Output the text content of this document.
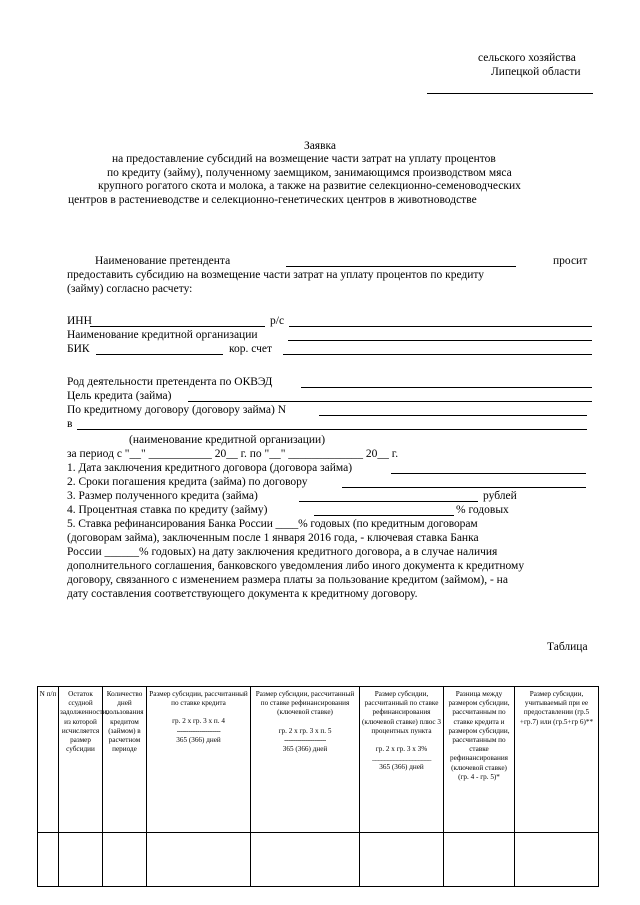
сельского хозяйства
Липецкой области
Заявка
на предоставление субсидий на возмещение части затрат на уплату процентов
по кредиту (займу), полученному заемщиком, занимающимся производством мяса
крупного рогатого скота и молока, а также на развитие селекционно-семеноводческих
центров в растениеводстве и селекционно-генетических центров в животноводстве
Наименование претендента	просит
предоставить субсидию на возмещение части затрат на уплату процентов по кредиту
(займу) согласно расчету:
ИНН	р/с
Наименование кредитной организации
БИК	кор. счет
Род деятельности претендента по ОКВЭД
Цель кредита (займа)
По кредитному договору (договору займа) N
в
(наименование кредитной организации)
за период с "__" ___________ 20__ г. по "__" _____________ 20__ г.
1. Дата заключения кредитного договора (договора займа)
2. Сроки погашения кредита (займа) по договору
3. Размер полученного кредита (займа)	рублей
4. Процентная ставка по кредиту (займу)	% годовых
5. Ставка рефинансирования Банка России ____% годовых (по кредитным договорам
(договорам займа), заключенным после 1 января 2016 года, - ключевая ставка Банка
России ______% годовых) на дату заключения кредитного договора, а в случае наличия
дополнительного соглашения, банковского уведомления либо иного документа к кредитному
договору, связанного с изменением размера платы за пользование кредитом (займом), - на
дату составления соответствующего документа к кредитному договору.
Таблица
N п/п	Остаток ссудной задолженности, из которой исчисляется размер субсидии	Количество дней пользования кредитом (займом) в расчетном периоде	Размер субсидии, рассчитанный по ставке кредита
гр. 2 x гр. 3 x п. 4
-----------------------
365 (366) дней	Размер субсидии, рассчитанный по ставке рефинансирования (ключевой ставке)
гр. 2 x гр. 3 x п. 5
----------------------
365 (366) дней	Размер субсидии, рассчитанный по ставке рефинансирования (ключевой ставке) плюс 3 процентных пункта
гр. 2 x гр. 3 x 3%
___________________
365 (366) дней	Разница между размером субсидии, рассчитанным по ставке кредита и размером субсидии, рассчитанным по ставке рефинансирования (ключевой ставке) (гр. 4 - гр. 5)*	Размер субсидии, учитываемый при ее предоставлении (гр.5 +гр.7) или (гр.5+гр 6)**
